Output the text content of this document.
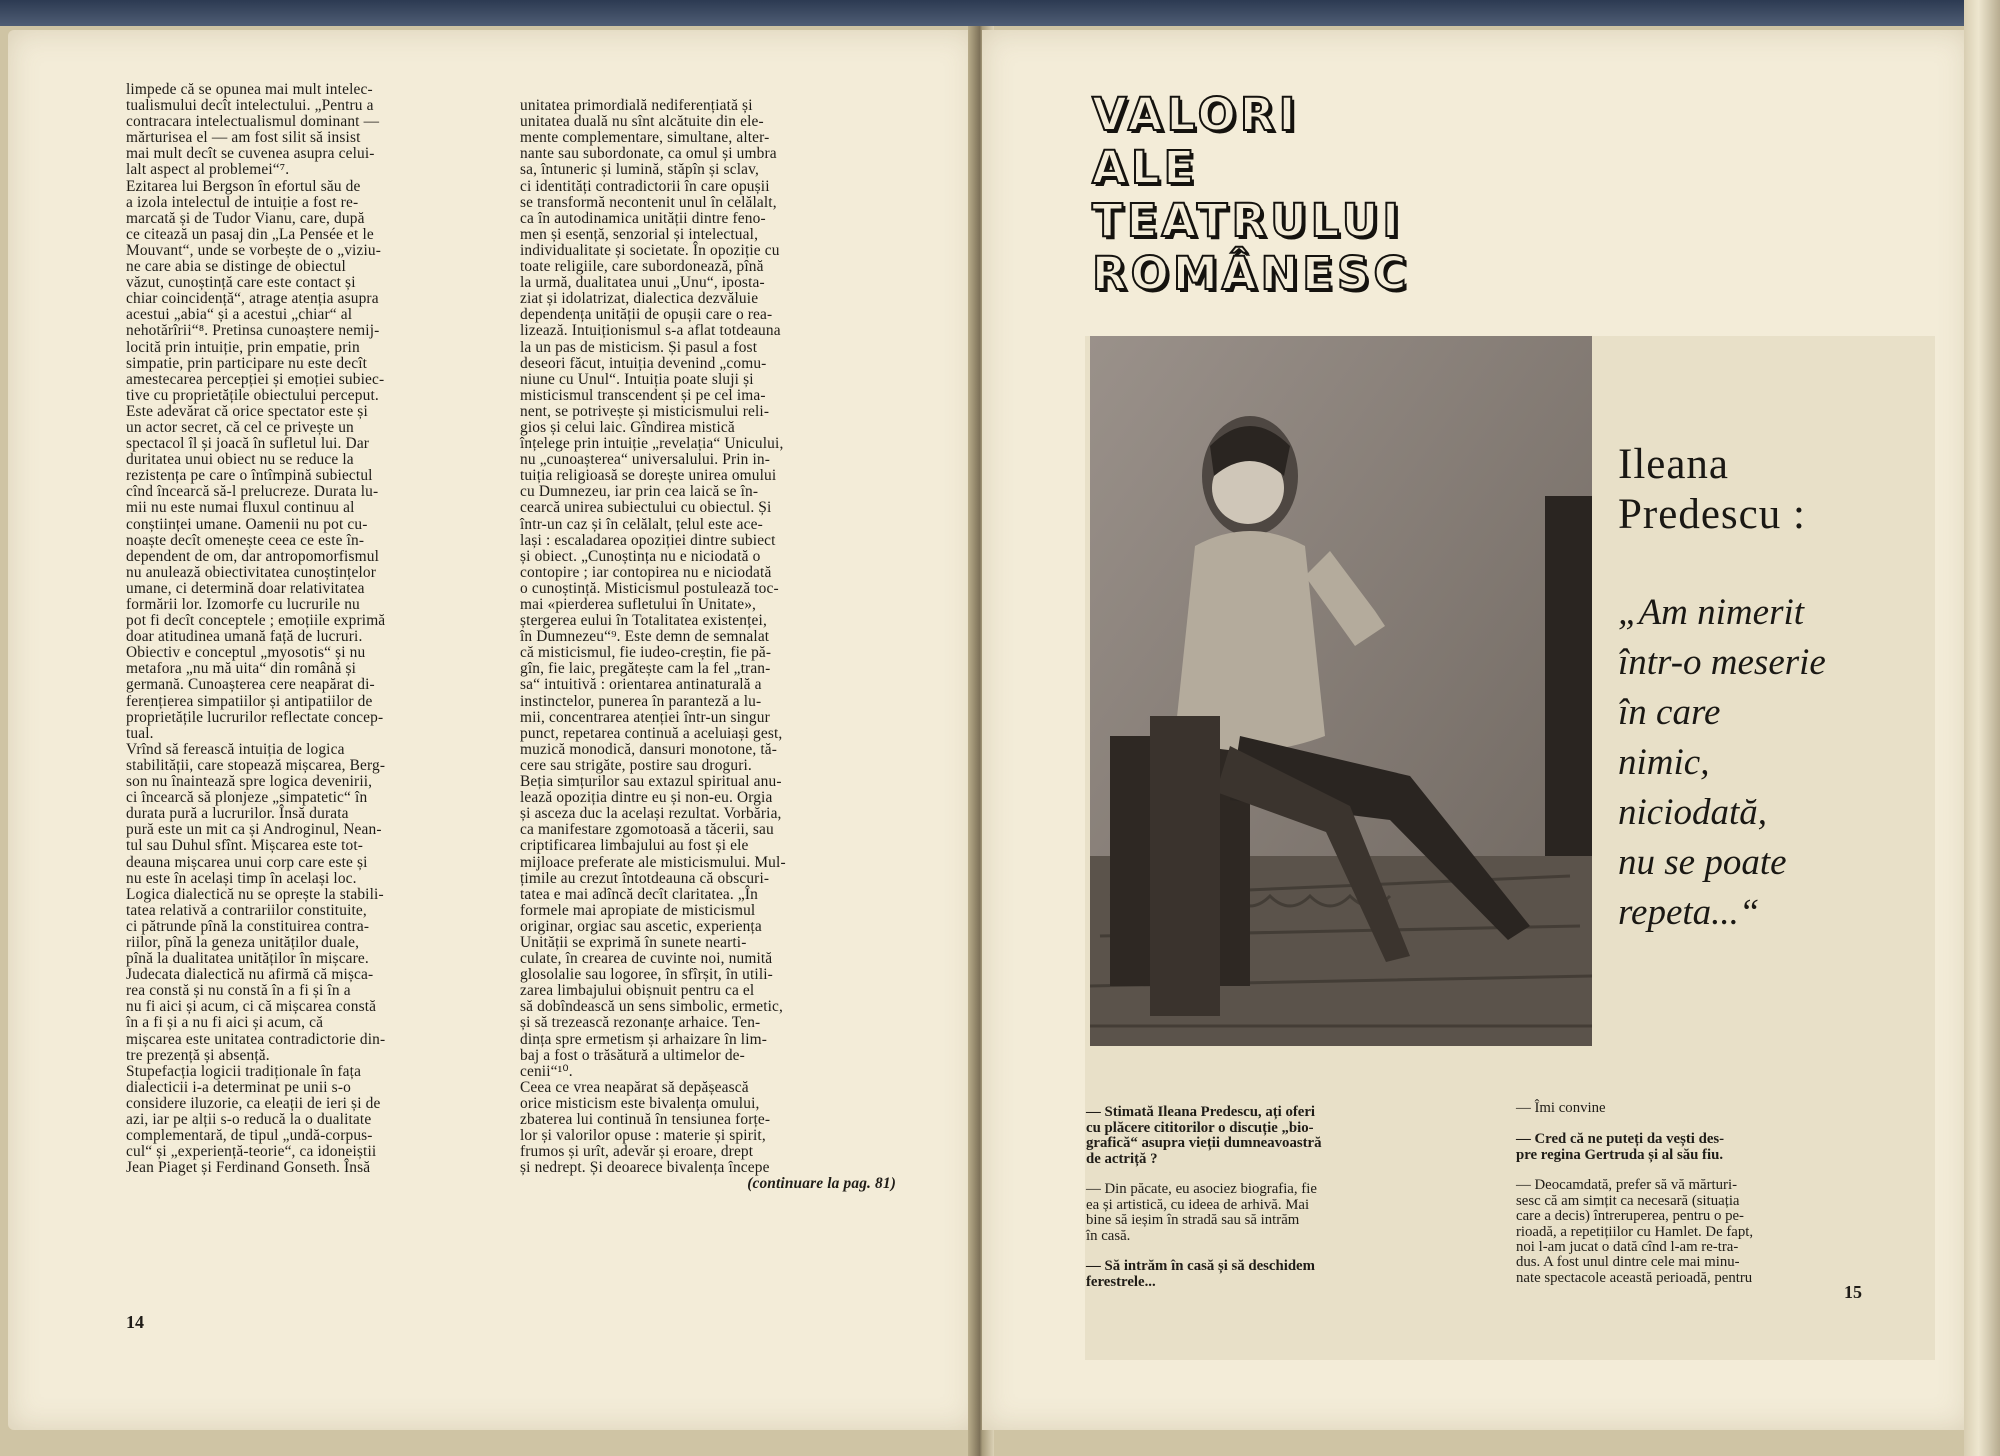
limpede că se opunea mai mult intelec-
tualismului decît intelectului. „Pentru a
contracara intelectualismul dominant —
mărturisea el — am fost silit să insist
mai mult decît se cuvenea asupra celui-
lalt aspect al problemei“⁷.
Ezitarea lui Bergson în efortul său de
a izola intelectul de intuiție a fost re-
marcată și de Tudor Vianu, care, după
ce citează un pasaj din „La Pensée et le
Mouvant“, unde se vorbește de o „viziu-
ne care abia se distinge de obiectul
văzut, cunoștință care este contact și
chiar coincidență“, atrage atenția asupra
acestui „abia“ și a acestui „chiar“ al
nehotărîrii“⁸. Pretinsa cunoaștere nemij-
locită prin intuiție, prin empatie, prin
simpatie, prin participare nu este decît
amestecarea percepției și emoției subiec-
tive cu proprietățile obiectului perceput.
Este adevărat că orice spectator este și
un actor secret, că cel ce privește un
spectacol îl și joacă în sufletul lui. Dar
duritatea unui obiect nu se reduce la
rezistența pe care o întîmpină subiectul
cînd încearcă să-l prelucreze. Durata lu-
mii nu este numai fluxul continuu al
conștiinței umane. Oamenii nu pot cu-
noaște decît omenește ceea ce este în-
dependent de om, dar antropomorfismul
nu anulează obiectivitatea cunoștințelor
umane, ci determină doar relativitatea
formării lor. Izomorfe cu lucrurile nu
pot fi decît conceptele ; emoțiile exprimă
doar atitudinea umană față de lucruri.
Obiectiv e conceptul „myosotis“ și nu
metafora „nu mă uita“ din română și
germană. Cunoașterea cere neapărat di-
ferențierea simpatiilor și antipatiilor de
proprietățile lucrurilor reflectate concep-
tual.
Vrînd să ferească intuiția de logica
stabilității, care stopează mișcarea, Berg-
son nu înaintează spre logica devenirii,
ci încearcă să plonjeze „simpatetic“ în
durata pură a lucrurilor. Însă durata
pură este un mit ca și Androginul, Nean-
tul sau Duhul sfînt. Mișcarea este tot-
deauna mișcarea unui corp care este și
nu este în același timp în același loc.
Logica dialectică nu se oprește la stabili-
tatea relativă a contrariilor constituite,
ci pătrunde pînă la constituirea contra-
riilor, pînă la geneza unităților duale,
pînă la dualitatea unităților în mișcare.
Judecata dialectică nu afirmă că mișca-
rea constă și nu constă în a fi și în a
nu fi aici și acum, ci că mișcarea constă
în a fi și a nu fi aici și acum, că
mișcarea este unitatea contradictorie din-
tre prezență și absență.
Stupefacția logicii tradiționale în fața
dialecticii i-a determinat pe unii s-o
considere iluzorie, ca eleații de ieri și de
azi, iar pe alții s-o reducă la o dualitate
complementară, de tipul „undă-corpus-
cul“ și „experiență-teorie“, ca idoneiștii
Jean Piaget și Ferdinand Gonseth. Însă

unitatea primordială nediferențiată și
unitatea duală nu sînt alcătuite din ele-
mente complementare, simultane, alter-
nante sau subordonate, ca omul și umbra
sa, întuneric și lumină, stăpîn și sclav,
ci identități contradictorii în care opușii
se transformă necontenit unul în celălalt,
ca în autodinamica unității dintre feno-
men și esență, senzorial și intelectual,
individualitate și societate. În opoziție cu
toate religiile, care subordonează, pînă
la urmă, dualitatea unui „Unu“, iposta-
ziat și idolatrizat, dialectica dezvăluie
dependența unității de opușii care o rea-
lizează. Intuiționismul s-a aflat totdeauna
la un pas de misticism. Și pasul a fost
deseori făcut, intuiția devenind „comu-
niune cu Unul“. Intuiția poate sluji și
misticismul transcendent și pe cel ima-
nent, se potrivește și misticismului reli-
gios și celui laic. Gîndirea mistică
înțelege prin intuiție „revelația“ Unicului,
nu „cunoașterea“ universalului. Prin in-
tuiția religioasă se dorește unirea omului
cu Dumnezeu, iar prin cea laică se în-
cearcă unirea subiectului cu obiectul. Și
într-un caz și în celălalt, țelul este ace-
lași : escaladarea opoziției dintre subiect
și obiect. „Cunoștința nu e niciodată o
contopire ; iar contopirea nu e niciodată
o cunoștință. Misticismul postulează toc-
mai «pierderea sufletului în Unitate»,
ștergerea eului în Totalitatea existenței,
în Dumnezeu“⁹. Este demn de semnalat
că misticismul, fie iudeo-creștin, fie pă-
gîn, fie laic, pregătește cam la fel „tran-
sa“ intuitivă : orientarea antinaturală a
instinctelor, punerea în paranteză a lu-
mii, concentrarea atenției într-un singur
punct, repetarea continuă a aceluiași gest,
muzică monodică, dansuri monotone, tă-
cere sau strigăte, postire sau droguri.
Beția simțurilor sau extazul spiritual anu-
lează opoziția dintre eu și non-eu. Orgia
și asceza duc la același rezultat. Vorbăria,
ca manifestare zgomotoasă a tăcerii, sau
criptificarea limbajului au fost și ele
mijloace preferate ale misticismului. Mul-
țimile au crezut întotdeauna că obscuri-
tatea e mai adîncă decît claritatea. „În
formele mai apropiate de misticismul
originar, orgiac sau ascetic, experiența
Unității se exprimă în sunete nearti-
culate, în crearea de cuvinte noi, numită
glosolalie sau logoree, în sfîrșit, în utili-
zarea limbajului obișnuit pentru ca el
să dobîndească un sens simbolic, ermetic,
și să trezească rezonanțe arhaice. Ten-
dința spre ermetism și arhaizare în lim-
baj a fost o trăsătură a ultimelor de-
cenii“¹⁰.
Ceea ce vrea neapărat să depășească
orice misticism este bivalența omului,
zbaterea lui continuă în tensiunea forțe-
lor și valorilor opuse : materie și spirit,
frumos și urît, adevăr și eroare, drept
și nedrept. Și deoarece bivalența începe

(continuare la pag. 81)

14
VALORI
ALE
TEATRULUI
ROMÂNESC
Ileana
Predescu :
„Am nimerit
într-o meserie
în care
nimic,
niciodată,
nu se poate
repeta...“

— Stimată Ileana Predescu, ați oferi
cu plăcere cititorilor o discuție „bio-
grafică“ asupra vieții dumneavoastră
de actriță ?

— Din păcate, eu asociez biografia, fie
ea și artistică, cu ideea de arhivă. Mai
bine să ieșim în stradă sau să intrăm
în casă.

— Să intrăm în casă și să deschidem
ferestrele...

— Îmi convine

— Cred că ne puteți da vești des-
pre regina Gertruda și al său fiu.

— Deocamdată, prefer să vă mărturi-
sesc că am simțit ca necesară (situația
care a decis) întreruperea, pentru o pe-
rioadă, a repetițiilor cu Hamlet. De fapt,
noi l-am jucat o dată cînd l-am re-tra-
dus. A fost unul dintre cele mai minu-
nate spectacole această perioadă, pentru

15
